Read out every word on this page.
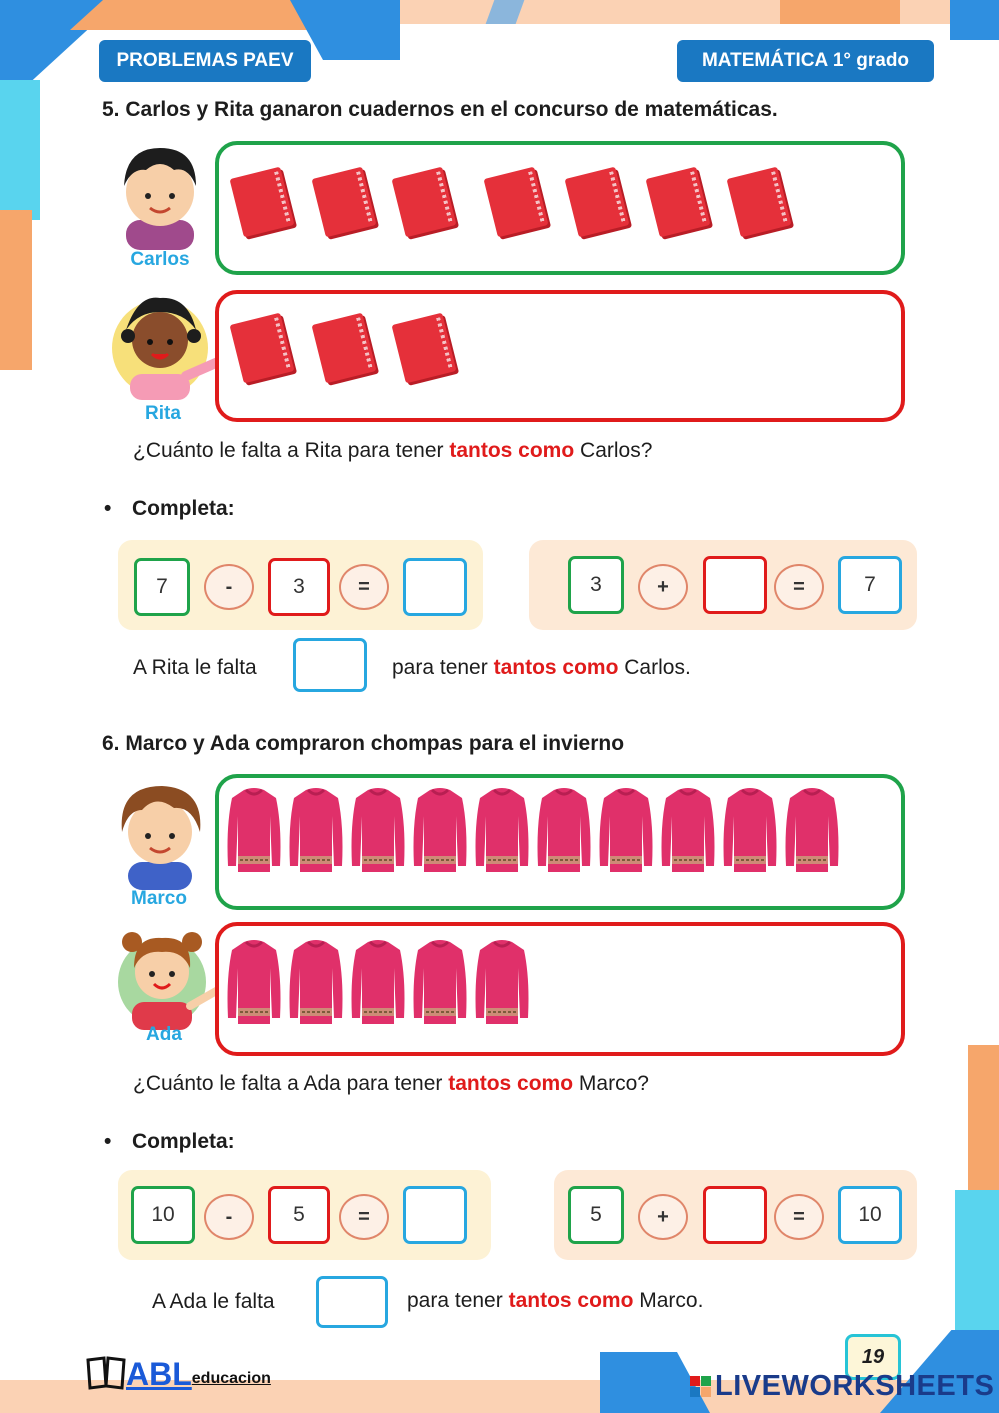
PROBLEMAS PAEV	MATEMÁTICA 1° grado
5. Carlos y Rita ganaron cuadernos en el concurso de matemáticas.
Carlos
Rita
¿Cuánto le falta a Rita para tener tantos como Carlos?
• Completa:
7	-	3	=	3	+	=	7
A Rita le falta	para tener tantos como Carlos.
6. Marco y Ada compraron chompas para el invierno
Marco
Ada
¿Cuánto le falta a Ada para tener tantos como Marco?
• Completa:
10	-	5	=	5	+	=	10
A Ada le falta	para tener tantos como Marco.
ABL educacion
19
LIVEWORKSHEETS
